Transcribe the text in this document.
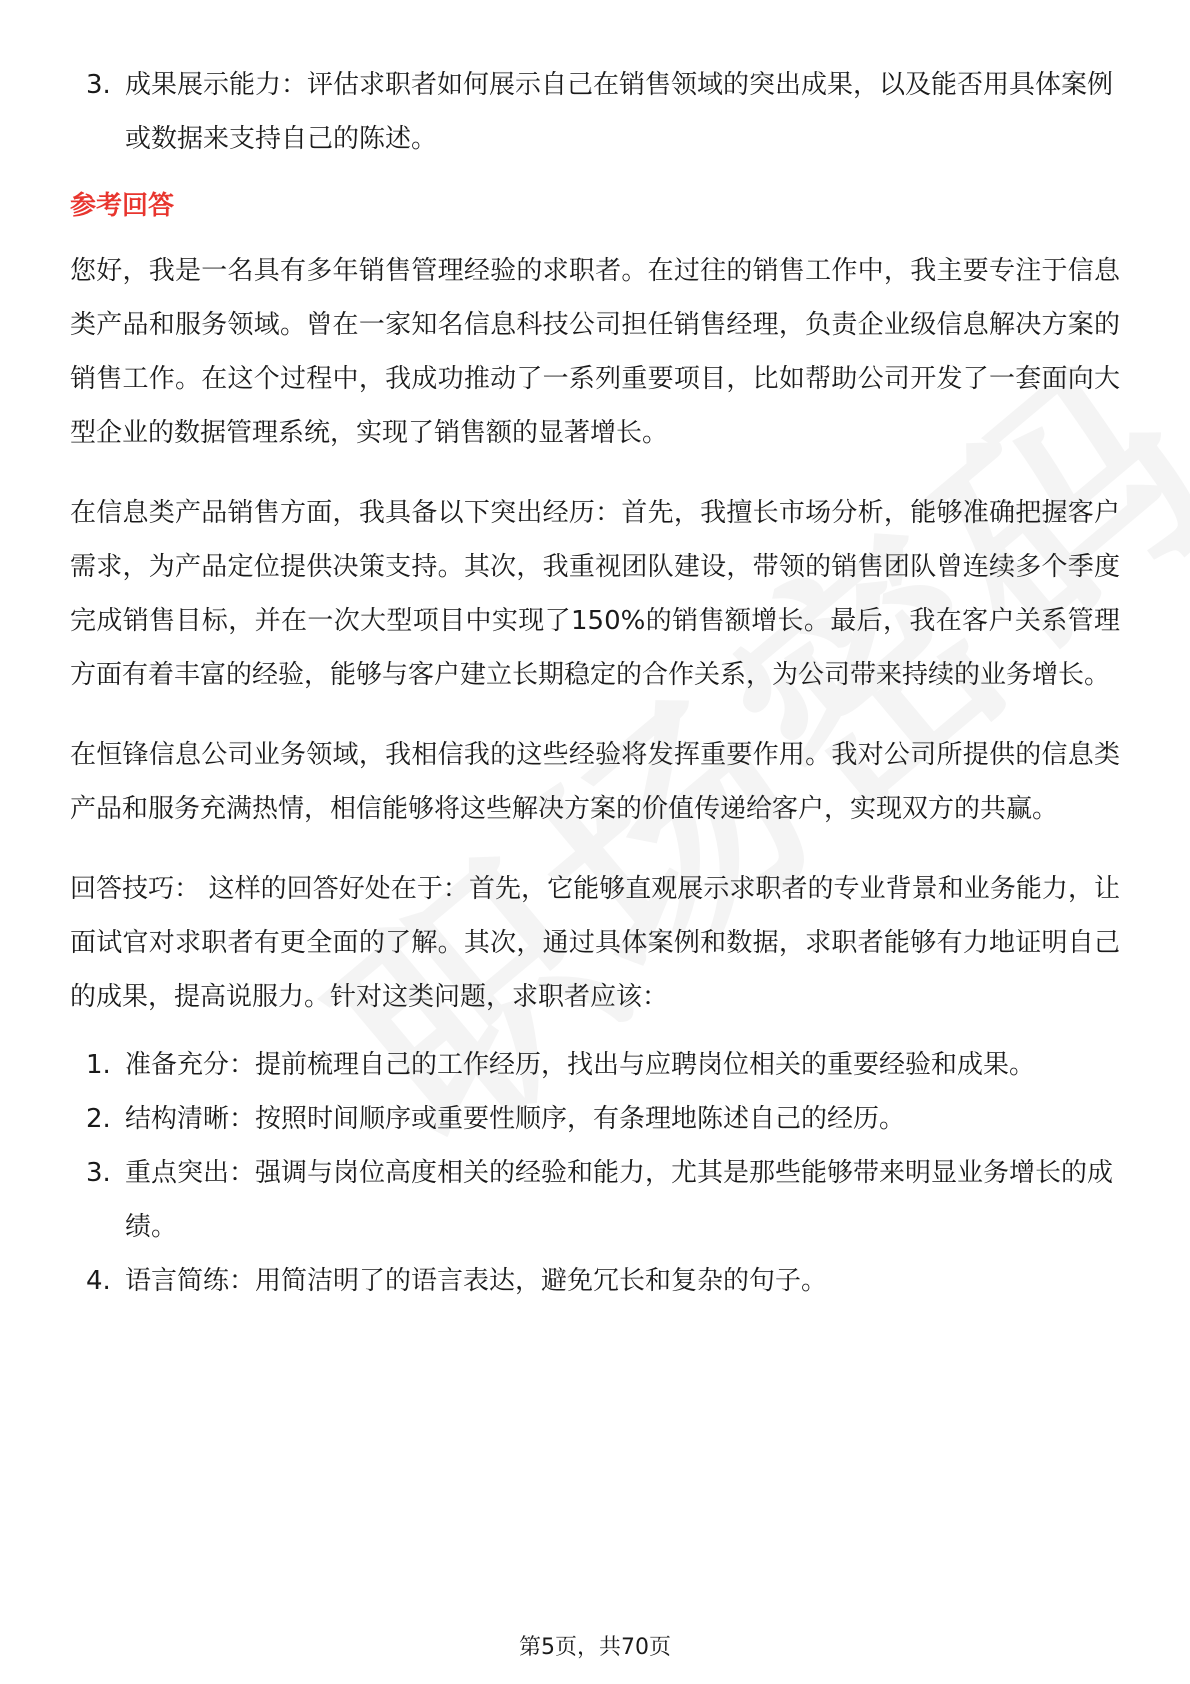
3. 成果展示能力：评估求职者如何展示自己在销售领域的突出成果，以及能否用具体案例或数据来支持自己的陈述。
参考回答

您好，我是一名具有多年销售管理经验的求职者。在过往的销售工作中，我主要专注于信息类产品和服务领域。曾在一家知名信息科技公司担任销售经理，负责企业级信息解决方案的销售工作。在这个过程中，我成功推动了一系列重要项目，比如帮助公司开发了一套面向大型企业的数据管理系统，实现了销售额的显著增长。

在信息类产品销售方面，我具备以下突出经历：首先，我擅长市场分析，能够准确把握客户需求，为产品定位提供决策支持。其次，我重视团队建设，带领的销售团队曾连续多个季度完成销售目标，并在一次大型项目中实现了150%的销售额增长。最后，我在客户关系管理方面有着丰富的经验，能够与客户建立长期稳定的合作关系，为公司带来持续的业务增长。

在恒锋信息公司业务领域，我相信我的这些经验将发挥重要作用。我对公司所提供的信息类产品和服务充满热情，相信能够将这些解决方案的价值传递给客户，实现双方的共赢。

回答技巧： 这样的回答好处在于：首先，它能够直观展示求职者的专业背景和业务能力，让面试官对求职者有更全面的了解。其次，通过具体案例和数据，求职者能够有力地证明自己的成果，提高说服力。针对这类问题，求职者应该：

1. 准备充分：提前梳理自己的工作经历，找出与应聘岗位相关的重要经验和成果。
2. 结构清晰：按照时间顺序或重要性顺序，有条理地陈述自己的经历。
3. 重点突出：强调与岗位高度相关的经验和能力，尤其是那些能够带来明显业务增长的成绩。
4. 语言简练：用简洁明了的语言表达，避免冗长和复杂的句子。
第5页，共70页
